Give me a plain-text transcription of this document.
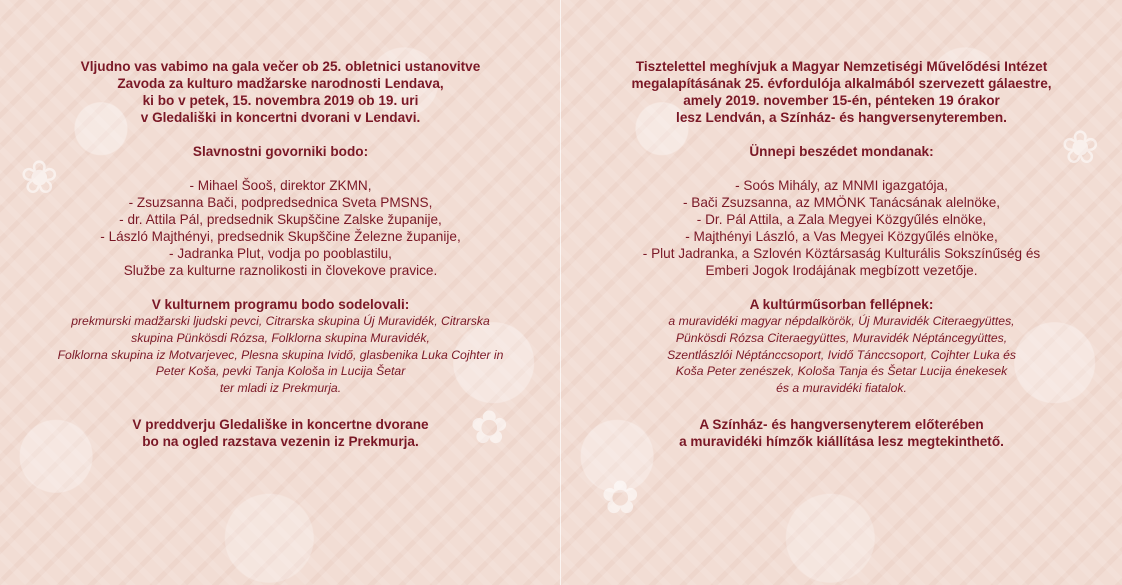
❀
✿

Vljudno vas vabimo na gala večer ob 25. obletnici ustanovitve

Zavoda za kulturo madžarske narodnosti Lendava,

ki bo v petek, 15. novembra 2019 ob 19. uri

v Gledališki in koncertni dvorani v Lendavi.

Slavnostni govorniki bodo:

- Mihael Šooš, direktor ZKMN,

- Zsuzsanna Bači, podpredsednica Sveta PMSNS,

- dr. Attila Pál, predsednik Skupščine Zalske županije,

- László Majthényi, predsednik Skupščine Železne županije,

- Jadranka Plut, vodja po pooblastilu,

Službe za kulturne raznolikosti in človekove pravice.

V kulturnem programu bodo sodelovali:

prekmurski madžarski ljudski pevci, Citrarska skupina Új Muravidék, Citrarska

skupina Pünkösdi Rózsa, Folklorna skupina Muravidék,

Folklorna skupina iz Motvarjevec, Plesna skupina Ividő, glasbenika Luka Cojhter in

Peter Koša, pevki Tanja Kološa in Lucija Šetar

ter mladi iz Prekmurja.

V preddverju Gledališke in koncertne dvorane

bo na ogled razstava vezenin iz Prekmurja.

❀
✿

Tisztelettel meghívjuk a Magyar Nemzetiségi Művelődési Intézet

megalapításának 25. évfordulója alkalmából szervezett gálaestre,

amely 2019. november 15-én, pénteken 19 órakor

lesz Lendván, a Színház- és hangversenyteremben.

Ünnepi beszédet mondanak:

- Soós Mihály, az MNMI igazgatója,

- Bači Zsuzsanna, az MMÖNK Tanácsának alelnöke,

- Dr. Pál Attila, a Zala Megyei Közgyűlés elnöke,

- Majthényi László, a Vas Megyei Közgyűlés elnöke,

- Plut Jadranka, a Szlovén Köztársaság Kulturális Sokszínűség és

Emberi Jogok Irodájának megbízott vezetője.

A kultúrműsorban fellépnek:

a muravidéki magyar népdalkörök, Új Muravidék Citeraegyüttes,

Pünkösdi Rózsa Citeraegyüttes, Muravidék Néptáncegyüttes,

Szentlászlói Néptánccsoport, Ividő Tánccsoport, Cojhter Luka és

Koša Peter zenészek, Kološa Tanja és Šetar Lucija énekesek

és a muravidéki fiatalok.

A Színház- és hangversenyterem előterében

a muravidéki hímzők kiállítása lesz megtekinthető.
